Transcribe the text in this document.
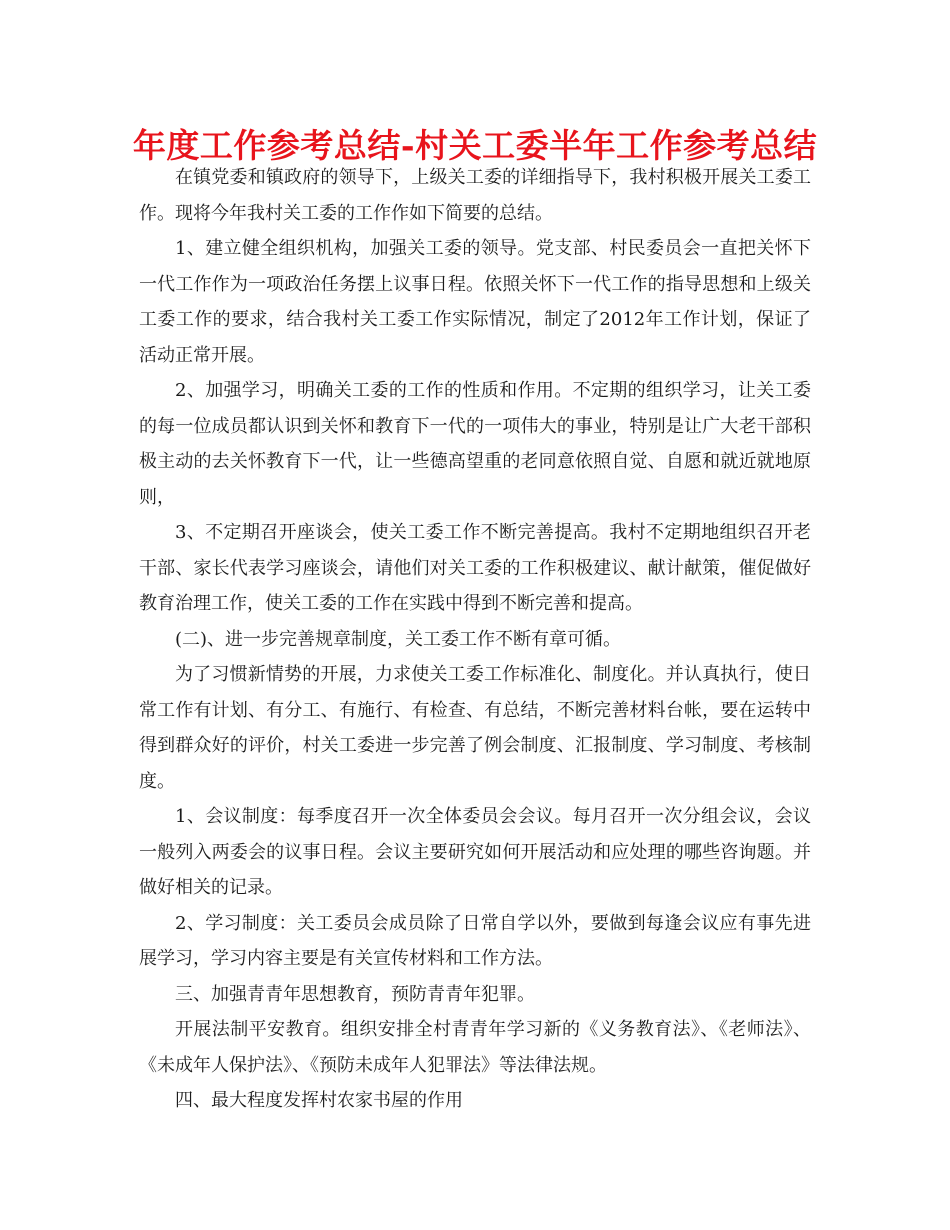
年度工作参考总结-村关工委半年工作参考总结

在镇党委和镇政府的领导下，上级关工委的详细指导下，我村积极开展关工委工作。现将今年我村关工委的工作作如下简要的总结。

1、建立健全组织机构，加强关工委的领导。党支部、村民委员会一直把关怀下一代工作作为一项政治任务摆上议事日程。依照关怀下一代工作的指导思想和上级关工委工作的要求，结合我村关工委工作实际情况，制定了2012年工作计划，保证了活动正常开展。

2、加强学习，明确关工委的工作的性质和作用。不定期的组织学习，让关工委的每一位成员都认识到关怀和教育下一代的一项伟大的事业，特别是让广大老干部积极主动的去关怀教育下一代，让一些德高望重的老同意依照自觉、自愿和就近就地原则，

3、不定期召开座谈会，使关工委工作不断完善提高。我村不定期地组织召开老干部、家长代表学习座谈会，请他们对关工委的工作积极建议、献计献策，催促做好教育治理工作，使关工委的工作在实践中得到不断完善和提高。

(二)、进一步完善规章制度，关工委工作不断有章可循。

为了习惯新情势的开展，力求使关工委工作标准化、制度化。并认真执行，使日常工作有计划、有分工、有施行、有检查、有总结，不断完善材料台帐，要在运转中得到群众好的评价，村关工委进一步完善了例会制度、汇报制度、学习制度、考核制度。

1、会议制度：每季度召开一次全体委员会会议。每月召开一次分组会议，会议一般列入两委会的议事日程。会议主要研究如何开展活动和应处理的哪些咨询题。并做好相关的记录。

2、学习制度：关工委员会成员除了日常自学以外，要做到每逢会议应有事先进展学习，学习内容主要是有关宣传材料和工作方法。

三、加强青青年思想教育，预防青青年犯罪。

开展法制平安教育。组织安排全村青青年学习新的《义务教育法》、《老师法》、《未成年人保护法》、《预防未成年人犯罪法》等法律法规。

四、最大程度发挥村农家书屋的作用
